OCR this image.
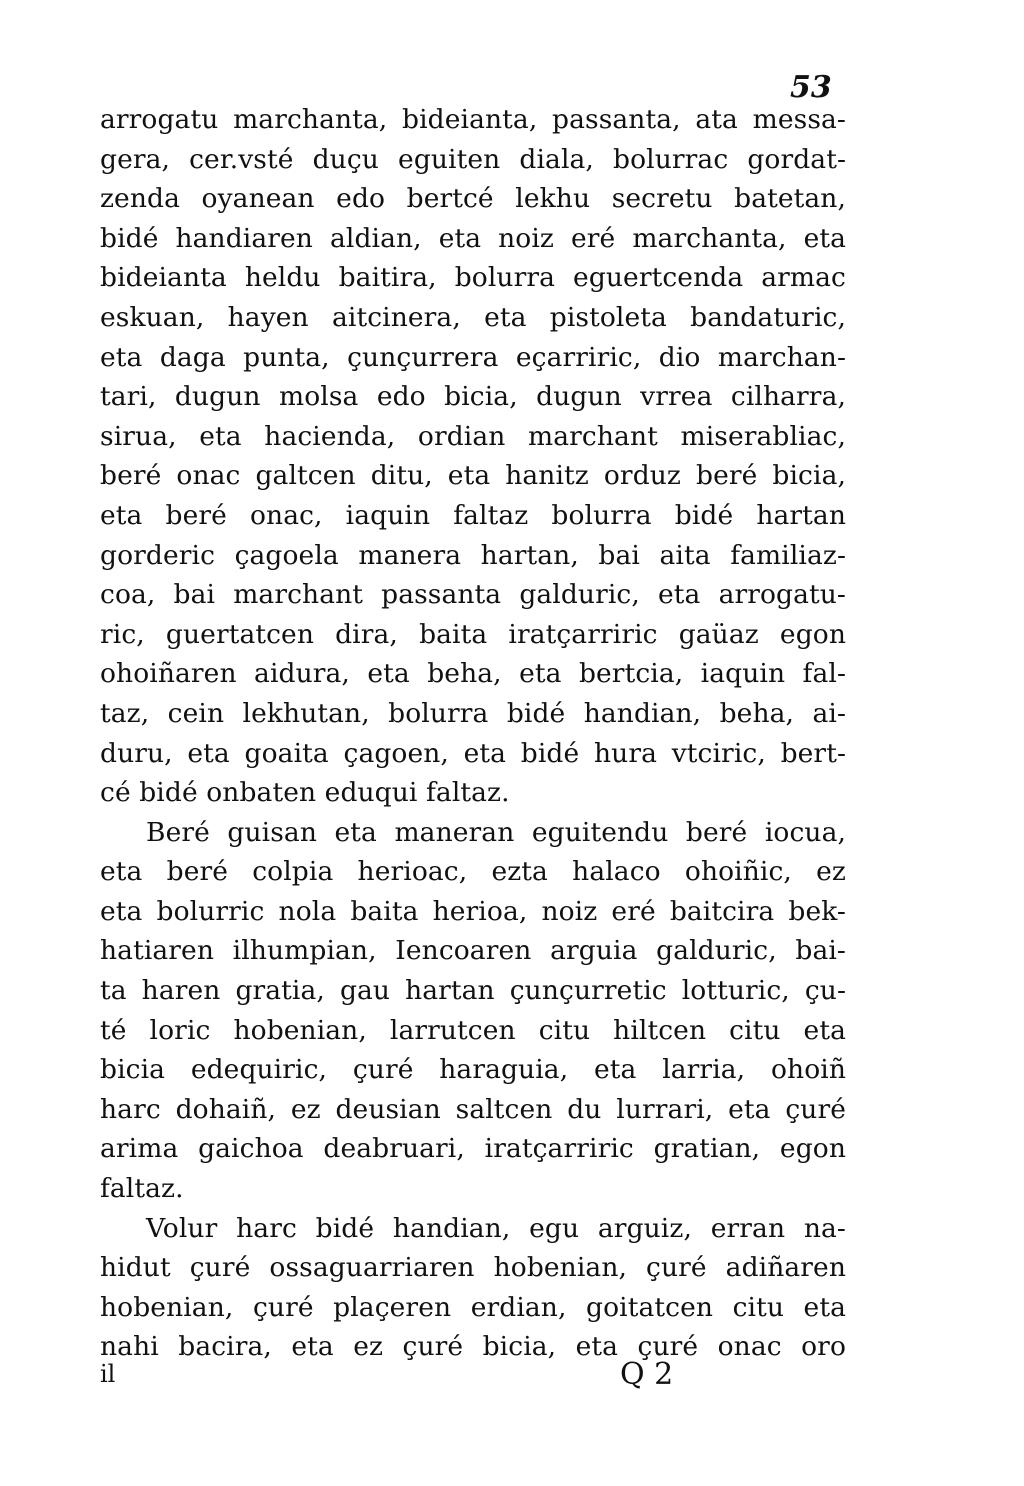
53
arrogatu marchanta, bideianta, passanta, ata messa-
gera, cer.vsté duçu eguiten diala, bolurrac gordat-
zenda oyanean edo bertcé lekhu secretu batetan,
bidé handiaren aldian, eta noiz eré marchanta, eta
bideianta heldu baitira, bolurra eguertcenda armac
eskuan, hayen aitcinera, eta pistoleta bandaturic,
eta daga punta, çunçurrera eçarriric, dio marchan-
tari, dugun molsa edo bicia, dugun vrrea cilharra,
sirua, eta hacienda, ordian marchant miserabliac,
beré onac galtcen ditu, eta hanitz orduz beré bicia,
eta beré onac, iaquin faltaz bolurra bidé hartan
gorderic çagoela manera hartan, bai aita familiaz-
coa, bai marchant passanta galduric, eta arrogatu-
ric, guertatcen dira, baita iratçarriric gaüaz egon
ohoiñaren aidura, eta beha, eta bertcia, iaquin fal-
taz, cein lekhutan, bolurra bidé handian, beha, ai-
duru, eta goaita çagoen, eta bidé hura vtciric, bert-
cé bidé onbaten eduqui faltaz.
Beré guisan eta maneran eguitendu beré iocua,
eta beré colpia herioac, ezta halaco ohoiñic, ez
eta bolurric nola baita herioa, noiz eré baitcira bek-
hatiaren ilhumpian, Iencoaren arguia galduric, bai-
ta haren gratia, gau hartan çunçurretic lotturic, çu-
té loric hobenian, larrutcen citu hiltcen citu eta
bicia edequiric, çuré haraguia, eta larria, ohoiñ
harc dohaiñ, ez deusian saltcen du lurrari, eta çuré
arima gaichoa deabruari, iratçarriric gratian, egon
faltaz.
Volur harc bidé handian, egu arguiz, erran na-
hidut çuré ossaguarriaren hobenian, çuré adiñaren
hobenian, çuré plaçeren erdian, goitatcen citu eta
nahi bacira, eta ez çuré bicia, eta çuré onac oro
il	Q 2
